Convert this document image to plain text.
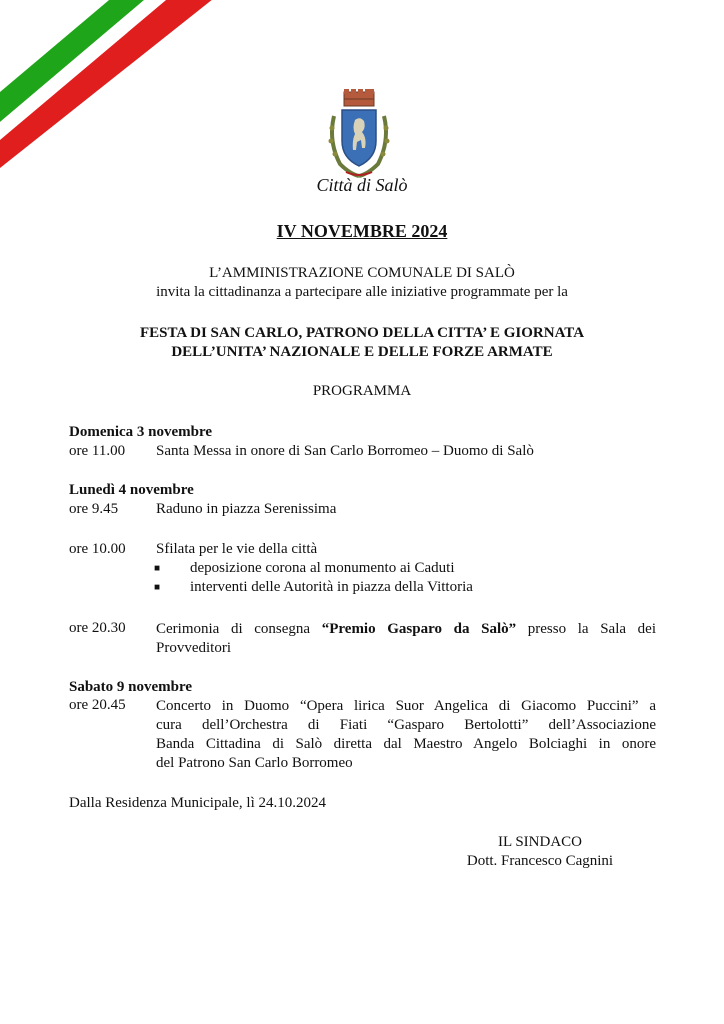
Città di Salò
IV NOVEMBRE 2024
L’AMMINISTRAZIONE COMUNALE DI SALÒ
invita la cittadinanza a partecipare alle iniziative programmate per la
FESTA DI SAN CARLO, PATRONO DELLA CITTA’ E GIORNATA
DELL’UNITA’ NAZIONALE E DELLE FORZE ARMATE
PROGRAMMA
Domenica 3 novembre
ore 11.00 Santa Messa in onore di San Carlo Borromeo – Duomo di Salò
Lunedì 4 novembre
ore 9.45	Raduno in piazza Serenissima
ore 10.00 Sfilata per le vie della città
■ deposizione corona al monumento ai Caduti
■ interventi delle Autorità in piazza della Vittoria
ore 20.30 Cerimonia di consegna “Premio Gasparo da Salò” presso la Sala dei
Provveditori
Sabato 9 novembre
ore 20.45 Concerto in Duomo “Opera lirica Suor Angelica di Giacomo Puccini” a
cura dell’Orchestra di Fiati “Gasparo Bertolotti” dell’Associazione
Banda Cittadina di Salò diretta dal Maestro Angelo Bolciaghi in onore
del Patrono San Carlo Borromeo
Dalla Residenza Municipale, lì 24.10.2024
IL SINDACO
Dott. Francesco Cagnini
